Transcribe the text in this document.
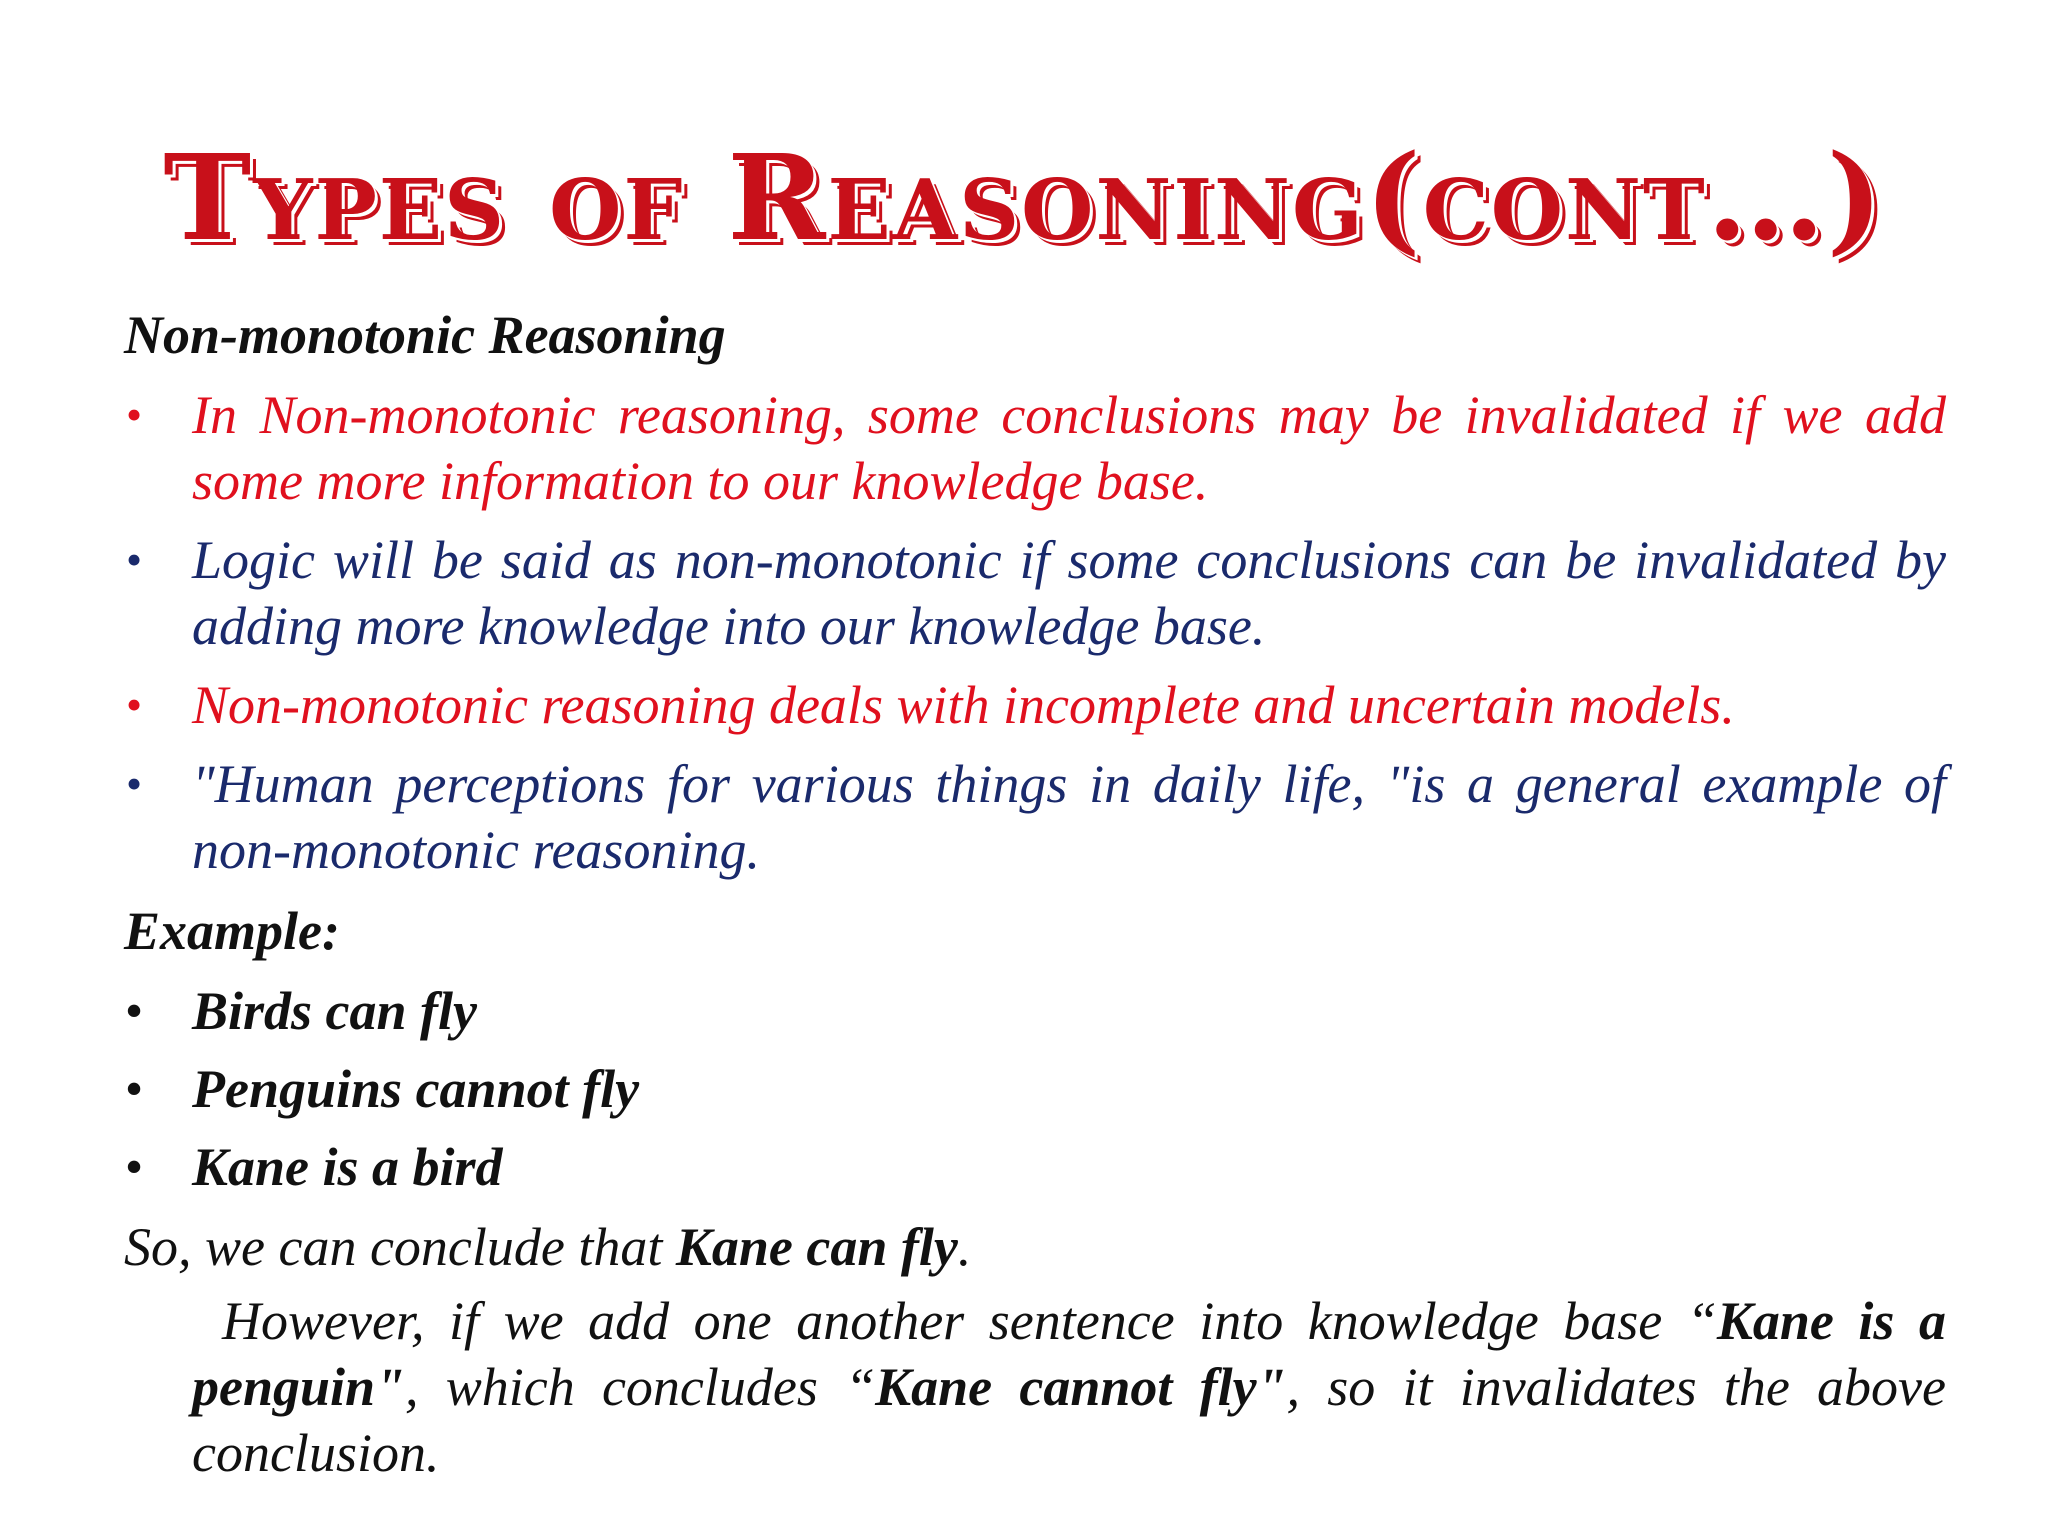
Types of Reasoning(cont…)

Non-monotonic Reasoning

• In Non-monotonic reasoning, some conclusions may be invalidated if we add some more information to our knowledge base.
• Logic will be said as non-monotonic if some conclusions can be invalidated by adding more knowledge into our knowledge base.
• Non-monotonic reasoning deals with incomplete and uncertain models.
• "Human perceptions for various things in daily life, "is a general example of non-monotonic reasoning.

Example:

• Birds can fly
• Penguins cannot fly
• Kane is a bird

So, we can conclude that Kane can fly.

However, if we add one another sentence into knowledge base “Kane is a penguin", which concludes “Kane cannot fly", so it invalidates the above conclusion.
